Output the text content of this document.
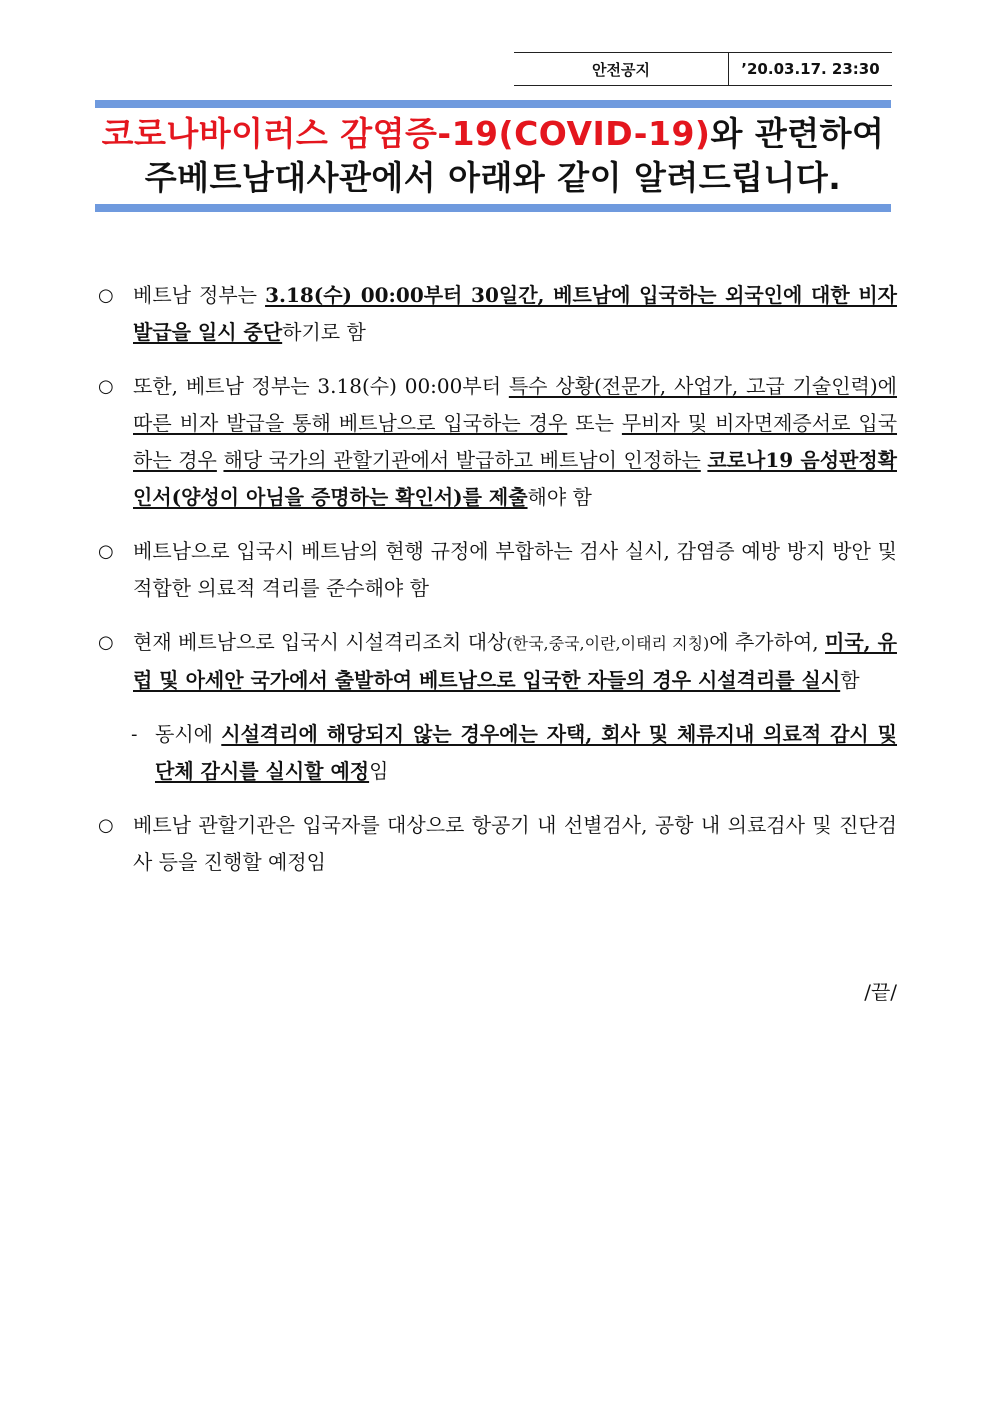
안전공지	’20.03.17. 23:30
코로나바이러스 감염증-19(COVID-19)와 관련하여
주베트남대사관에서 아래와 같이 알려드립니다.

○ 베트남 정부는 3.18(수) 00:00부터 30일간, 베트남에 입국하는 외국인에 대한 비자 발급을 일시 중단하기로 함

○ 또한, 베트남 정부는 3.18(수) 00:00부터 특수 상황(전문가, 사업가, 고급 기술인력)에 따른 비자 발급을 통해 베트남으로 입국하는 경우 또는 무비자 및 비자면제증서로 입국하는 경우 해당 국가의 관할기관에서 발급하고 베트남이 인정하는 코로나19 음성판정확인서(양성이 아님을 증명하는 확인서)를 제출해야 함

○ 베트남으로 입국시 베트남의 현행 규정에 부합하는 검사 실시, 감염증 예방 방지 방안 및 적합한 의료적 격리를 준수해야 함

○ 현재 베트남으로 입국시 시설격리조치 대상(한국,중국,이란,이태리 지칭)에 추가하여, 미국, 유럽 및 아세안 국가에서 출발하여 베트남으로 입국한 자들의 경우 시설격리를 실시함

- 동시에 시설격리에 해당되지 않는 경우에는 자택, 회사 및 체류지내 의료적 감시 및 단체 감시를 실시할 예정임

○ 베트남 관할기관은 입국자를 대상으로 항공기 내 선별검사, 공항 내 의료검사 및 진단검사 등을 진행할 예정임

/끝/
